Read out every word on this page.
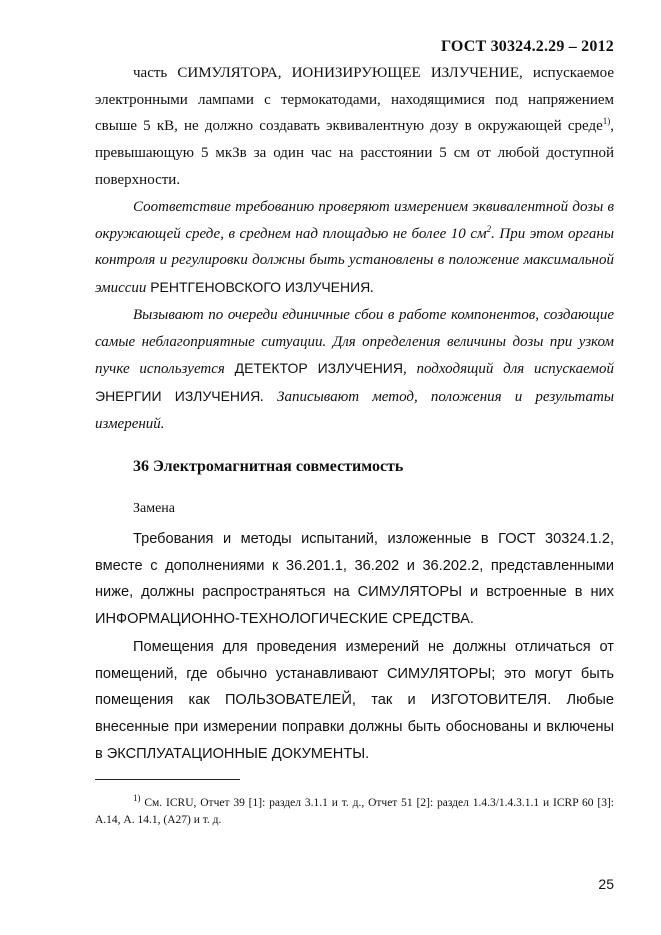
ГОСТ 30324.2.29 – 2012
часть СИМУЛЯТОРА, ИОНИЗИРУЮЩЕЕ ИЗЛУЧЕНИЕ, испускаемое электронными лампами с термокатодами, находящимися под напряжением свыше 5 кВ, не должно создавать эквивалентную дозу в окружающей среде$^{1)}$, превышающую 5 мкЗв за один час на расстоянии 5 см от любой доступной поверхности.
Соответствие требованию проверяют измерением эквивалентной дозы в окружающей среде, в среднем над площадью не более 10 $см^2$. При этом органы контроля и регулировки должны быть установлены в положение максимальной эмиссии РЕНТГЕНОВСКОГО ИЗЛУЧЕНИЯ.
Вызывают по очереди единичные сбои в работе компонентов, создающие самые неблагоприятные ситуации. Для определения величины дозы при узком пучке используется ДЕТЕКТОР ИЗЛУЧЕНИЯ, подходящий для испускаемой ЭНЕРГИИ ИЗЛУЧЕНИЯ. Записывают метод, положения и результаты измерений.
36 Электромагнитная совместимость
Замена
Требования и методы испытаний, изложенные в ГОСТ 30324.1.2, вместе с дополнениями к 36.201.1, 36.202 и 36.202.2, представленными ниже, должны распространяться на СИМУЛЯТОРЫ и встроенные в них ИНФОРМАЦИОННО-ТЕХНОЛОГИЧЕСКИЕ СРЕДСТВА.
Помещения для проведения измерений не должны отличаться от помещений, где обычно устанавливают СИМУЛЯТОРЫ; это могут быть помещения как ПОЛЬЗОВАТЕЛЕЙ, так и ИЗГОТОВИТЕЛЯ. Любые внесенные при измерении поправки должны быть обоснованы и включены в ЭКСПЛУАТАЦИОННЫЕ ДОКУМЕНТЫ.
$^{1)}$ См. ICRU, Отчет 39 [1]: раздел 3.1.1 и т. д., Отчет 51 [2]: раздел 1.4.3/1.4.3.1.1 и ICRP 60 [3]: А.14, А. 14.1, (А27) и т. д.
25
